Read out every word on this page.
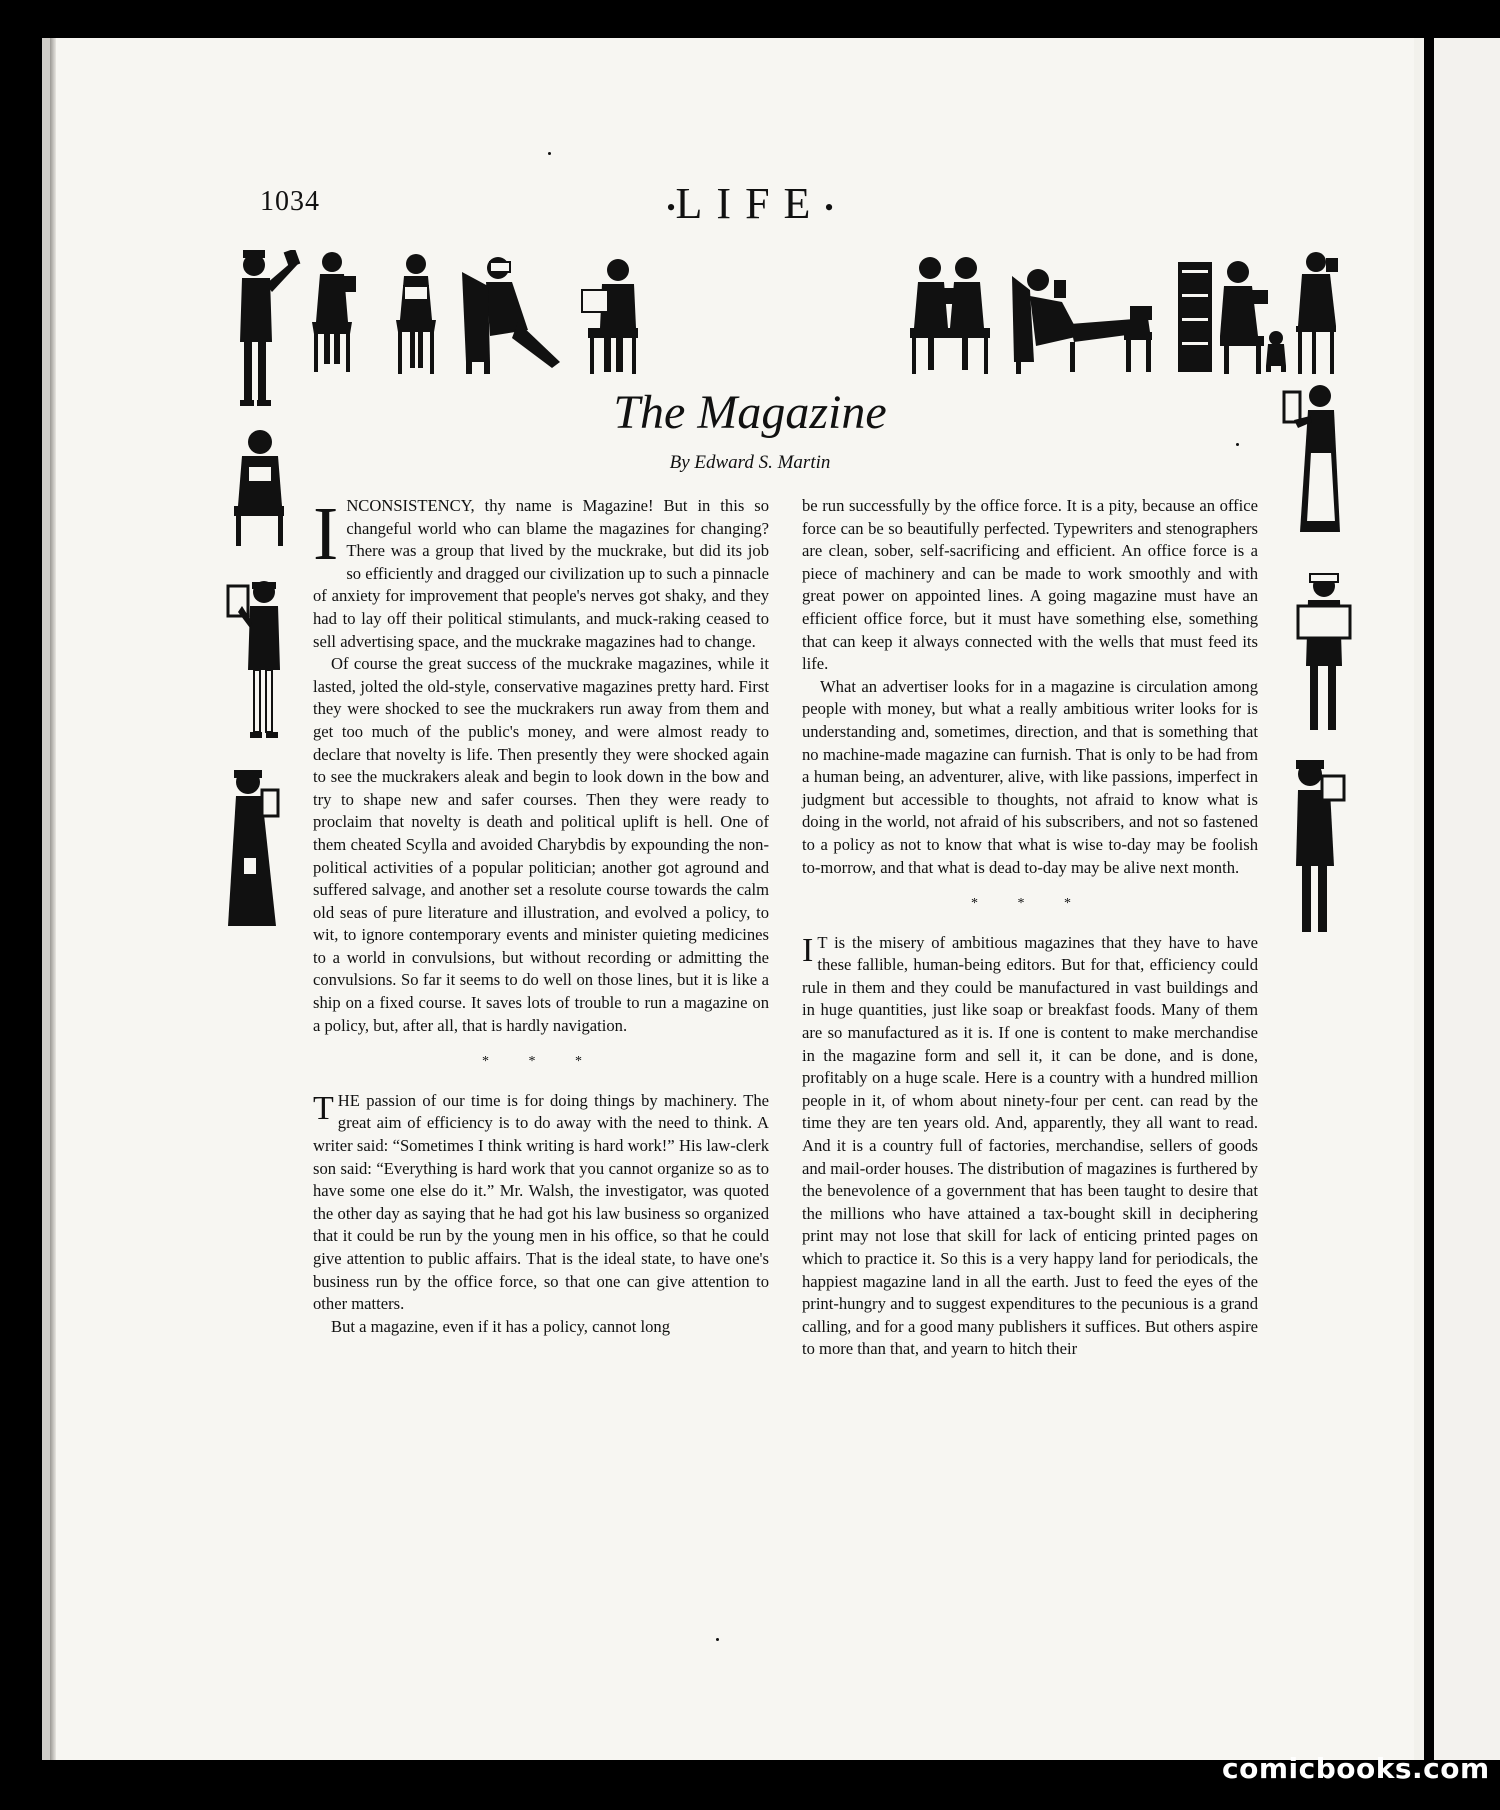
1034	•LIFE•
The Magazine
By Edward S. Martin

INCONSISTENCY, thy name is Magazine! But in this so changeful world who can blame the magazines for changing? There was a group that lived by the muckrake, but did its job so efficiently and dragged our civilization up to such a pinnacle of anxiety for improvement that people's nerves got shaky, and they had to lay off their political stimulants, and muck-raking ceased to sell advertising space, and the muckrake magazines had to change.

Of course the great success of the muckrake magazines, while it lasted, jolted the old-style, conservative magazines pretty hard. First they were shocked to see the muckrakers run away from them and get too much of the public's money, and were almost ready to declare that novelty is life. Then presently they were shocked again to see the muckrakers aleak and begin to look down in the bow and try to shape new and safer courses. Then they were ready to proclaim that novelty is death and political uplift is hell. One of them cheated Scylla and avoided Charybdis by expounding the non-political activities of a popular politician; another got aground and suffered salvage, and another set a resolute course towards the calm old seas of pure literature and illustration, and evolved a policy, to wit, to ignore contemporary events and minister quieting medicines to a world in convulsions, but without recording or admitting the convulsions. So far it seems to do well on those lines, but it is like a ship on a fixed course. It saves lots of trouble to run a magazine on a policy, but, after all, that is hardly navigation.

* * *

THE passion of our time is for doing things by machinery. The great aim of efficiency is to do away with the need to think. A writer said: “Sometimes I think writing is hard work!” His law-clerk son said: “Everything is hard work that you cannot organize so as to have some one else do it.” Mr. Walsh, the investigator, was quoted the other day as saying that he had got his law business so organized that it could be run by the young men in his office, so that he could give attention to public affairs. That is the ideal state, to have one's business run by the office force, so that one can give attention to other matters.

But a magazine, even if it has a policy, cannot long

be run successfully by the office force. It is a pity, because an office force can be so beautifully perfected. Typewriters and stenographers are clean, sober, self-sacrificing and efficient. An office force is a piece of machinery and can be made to work smoothly and with great power on appointed lines. A going magazine must have an efficient office force, but it must have something else, something that can keep it always connected with the wells that must feed its life.

What an advertiser looks for in a magazine is circulation among people with money, but what a really ambitious writer looks for is understanding and, sometimes, direction, and that is something that no machine-made magazine can furnish. That is only to be had from a human being, an adventurer, alive, with like passions, imperfect in judgment but accessible to thoughts, not afraid to know what is doing in the world, not afraid of his subscribers, and not so fastened to a policy as not to know that what is wise to-day may be foolish to-morrow, and that what is dead to-day may be alive next month.

* * *

I T is the misery of ambitious magazines that they have to have these fallible, human-being editors. But for that, efficiency could rule in them and they could be manufactured in vast buildings and in huge quantities, just like soap or breakfast foods. Many of them are so manufactured as it is. If one is content to make merchandise in the magazine form and sell it, it can be done, and is done, profitably on a huge scale. Here is a country with a hundred million people in it, of whom about ninety-four per cent. can read by the time they are ten years old. And, apparently, they all want to read. And it is a country full of factories, merchandise, sellers of goods and mail-order houses. The distribution of magazines is furthered by the benevolence of a government that has been taught to desire that the millions who have attained a tax-bought skill in deciphering print may not lose that skill for lack of enticing printed pages on which to practice it. So this is a very happy land for periodicals, the happiest magazine land in all the earth. Just to feed the eyes of the print-hungry and to suggest expenditures to the pecunious is a grand calling, and for a good many publishers it suffices. But others aspire to more than that, and yearn to hitch their

comicbooks.com
